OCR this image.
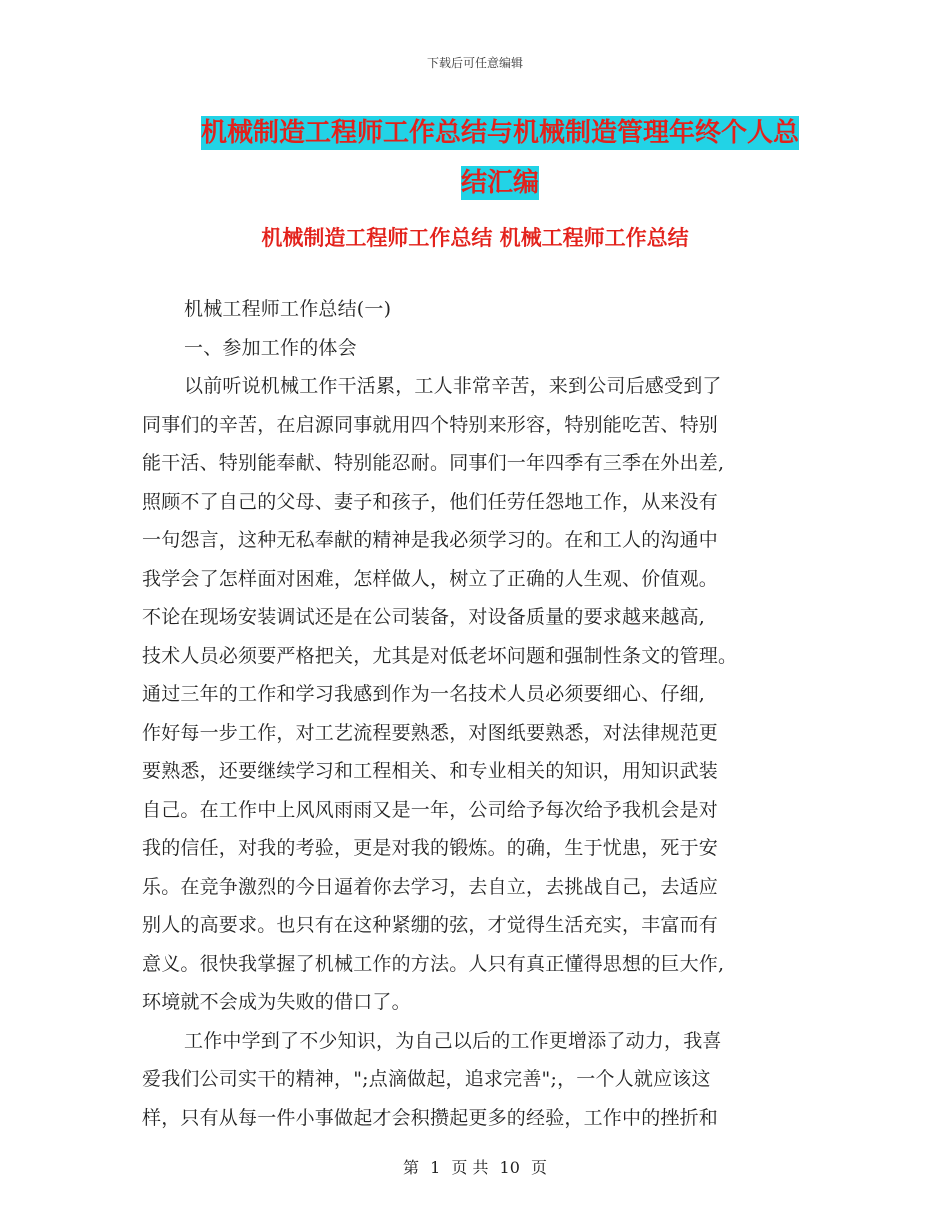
下载后可任意编辑
机械制造工程师工作总结与机械制造管理年终个人总
结汇编
机械制造工程师工作总结 机械工程师工作总结
机械工程师工作总结(一)
一、参加工作的体会
以前听说机械工作干活累，工人非常辛苦，来到公司后感受到了
同事们的辛苦，在启源同事就用四个特别来形容，特别能吃苦、特别
能干活、特别能奉献、特别能忍耐。同事们一年四季有三季在外出差,
照顾不了自己的父母、妻子和孩子，他们任劳任怨地工作，从来没有
一句怨言，这种无私奉献的精神是我必须学习的。在和工人的沟通中
我学会了怎样面对困难，怎样做人，树立了正确的人生观、价值观。
不论在现场安装调试还是在公司装备，对设备质量的要求越来越高,
技术人员必须要严格把关，尤其是对低老坏问题和强制性条文的管理。
通过三年的工作和学习我感到作为一名技术人员必须要细心、仔细,
作好每一步工作，对工艺流程要熟悉，对图纸要熟悉，对法律规范更
要熟悉，还要继续学习和工程相关、和专业相关的知识，用知识武装
自己。在工作中上风风雨雨又是一年，公司给予每次给予我机会是对
我的信任，对我的考验，更是对我的锻炼。的确，生于忧患，死于安
乐。在竞争激烈的今日逼着你去学习，去自立，去挑战自己，去适应
别人的高要求。也只有在这种紧绷的弦，才觉得生活充实，丰富而有
意义。很快我掌握了机械工作的方法。人只有真正懂得思想的巨大作,
环境就不会成为失败的借口了。
工作中学到了不少知识，为自己以后的工作更增添了动力，我喜
爱我们公司实干的精神，";点滴做起，追求完善";，一个人就应该这
样，只有从每一件小事做起才会积攒起更多的经验，工作中的挫折和
第 1 页 共 10 页
